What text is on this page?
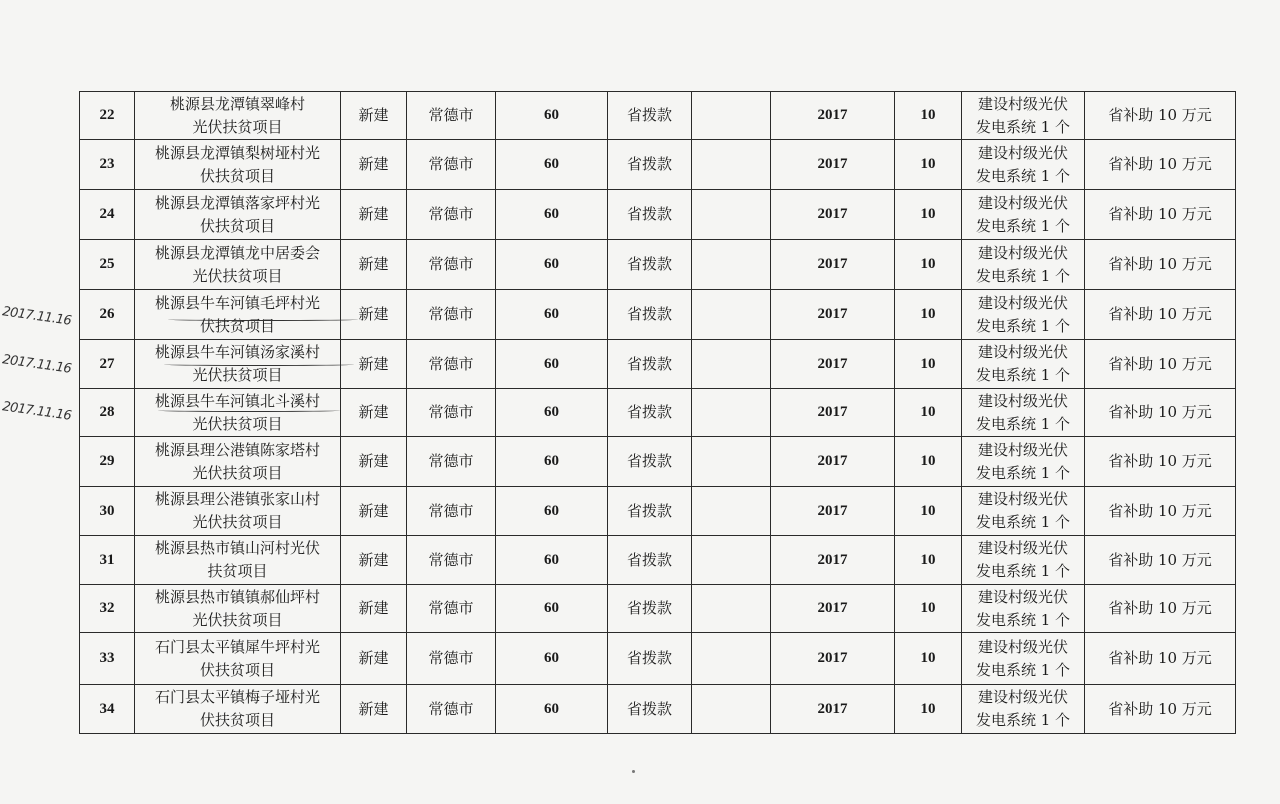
2017.11.16
2017.11.16
2017.11.16
22	桃源县龙潭镇翠峰村
光伏扶贫项目	新建	常德市	60	省拨款		2017	10	建设村级光伏
发电系统 1 个	省补助 10 万元
23	桃源县龙潭镇梨树垭村光
伏扶贫项目	新建	常德市	60	省拨款		2017	10	建设村级光伏
发电系统 1 个	省补助 10 万元
24	桃源县龙潭镇落家坪村光
伏扶贫项目	新建	常德市	60	省拨款		2017	10	建设村级光伏
发电系统 1 个	省补助 10 万元
25	桃源县龙潭镇龙中居委会
光伏扶贫项目	新建	常德市	60	省拨款		2017	10	建设村级光伏
发电系统 1 个	省补助 10 万元
26	桃源县牛车河镇毛坪村光
伏扶贫项目	新建	常德市	60	省拨款		2017	10	建设村级光伏
发电系统 1 个	省补助 10 万元
27	桃源县牛车河镇汤家溪村
光伏扶贫项目	新建	常德市	60	省拨款		2017	10	建设村级光伏
发电系统 1 个	省补助 10 万元
28	桃源县牛车河镇北斗溪村
光伏扶贫项目	新建	常德市	60	省拨款		2017	10	建设村级光伏
发电系统 1 个	省补助 10 万元
29	桃源县理公港镇陈家塔村
光伏扶贫项目	新建	常德市	60	省拨款		2017	10	建设村级光伏
发电系统 1 个	省补助 10 万元
30	桃源县理公港镇张家山村
光伏扶贫项目	新建	常德市	60	省拨款		2017	10	建设村级光伏
发电系统 1 个	省补助 10 万元
31	桃源县热市镇山河村光伏
扶贫项目	新建	常德市	60	省拨款		2017	10	建设村级光伏
发电系统 1 个	省补助 10 万元
32	桃源县热市镇镇郝仙坪村
光伏扶贫项目	新建	常德市	60	省拨款		2017	10	建设村级光伏
发电系统 1 个	省补助 10 万元
33	石门县太平镇犀牛坪村光
伏扶贫项目	新建	常德市	60	省拨款		2017	10	建设村级光伏
发电系统 1 个	省补助 10 万元
34	石门县太平镇梅子垭村光
伏扶贫项目	新建	常德市	60	省拨款		2017	10	建设村级光伏
发电系统 1 个	省补助 10 万元
